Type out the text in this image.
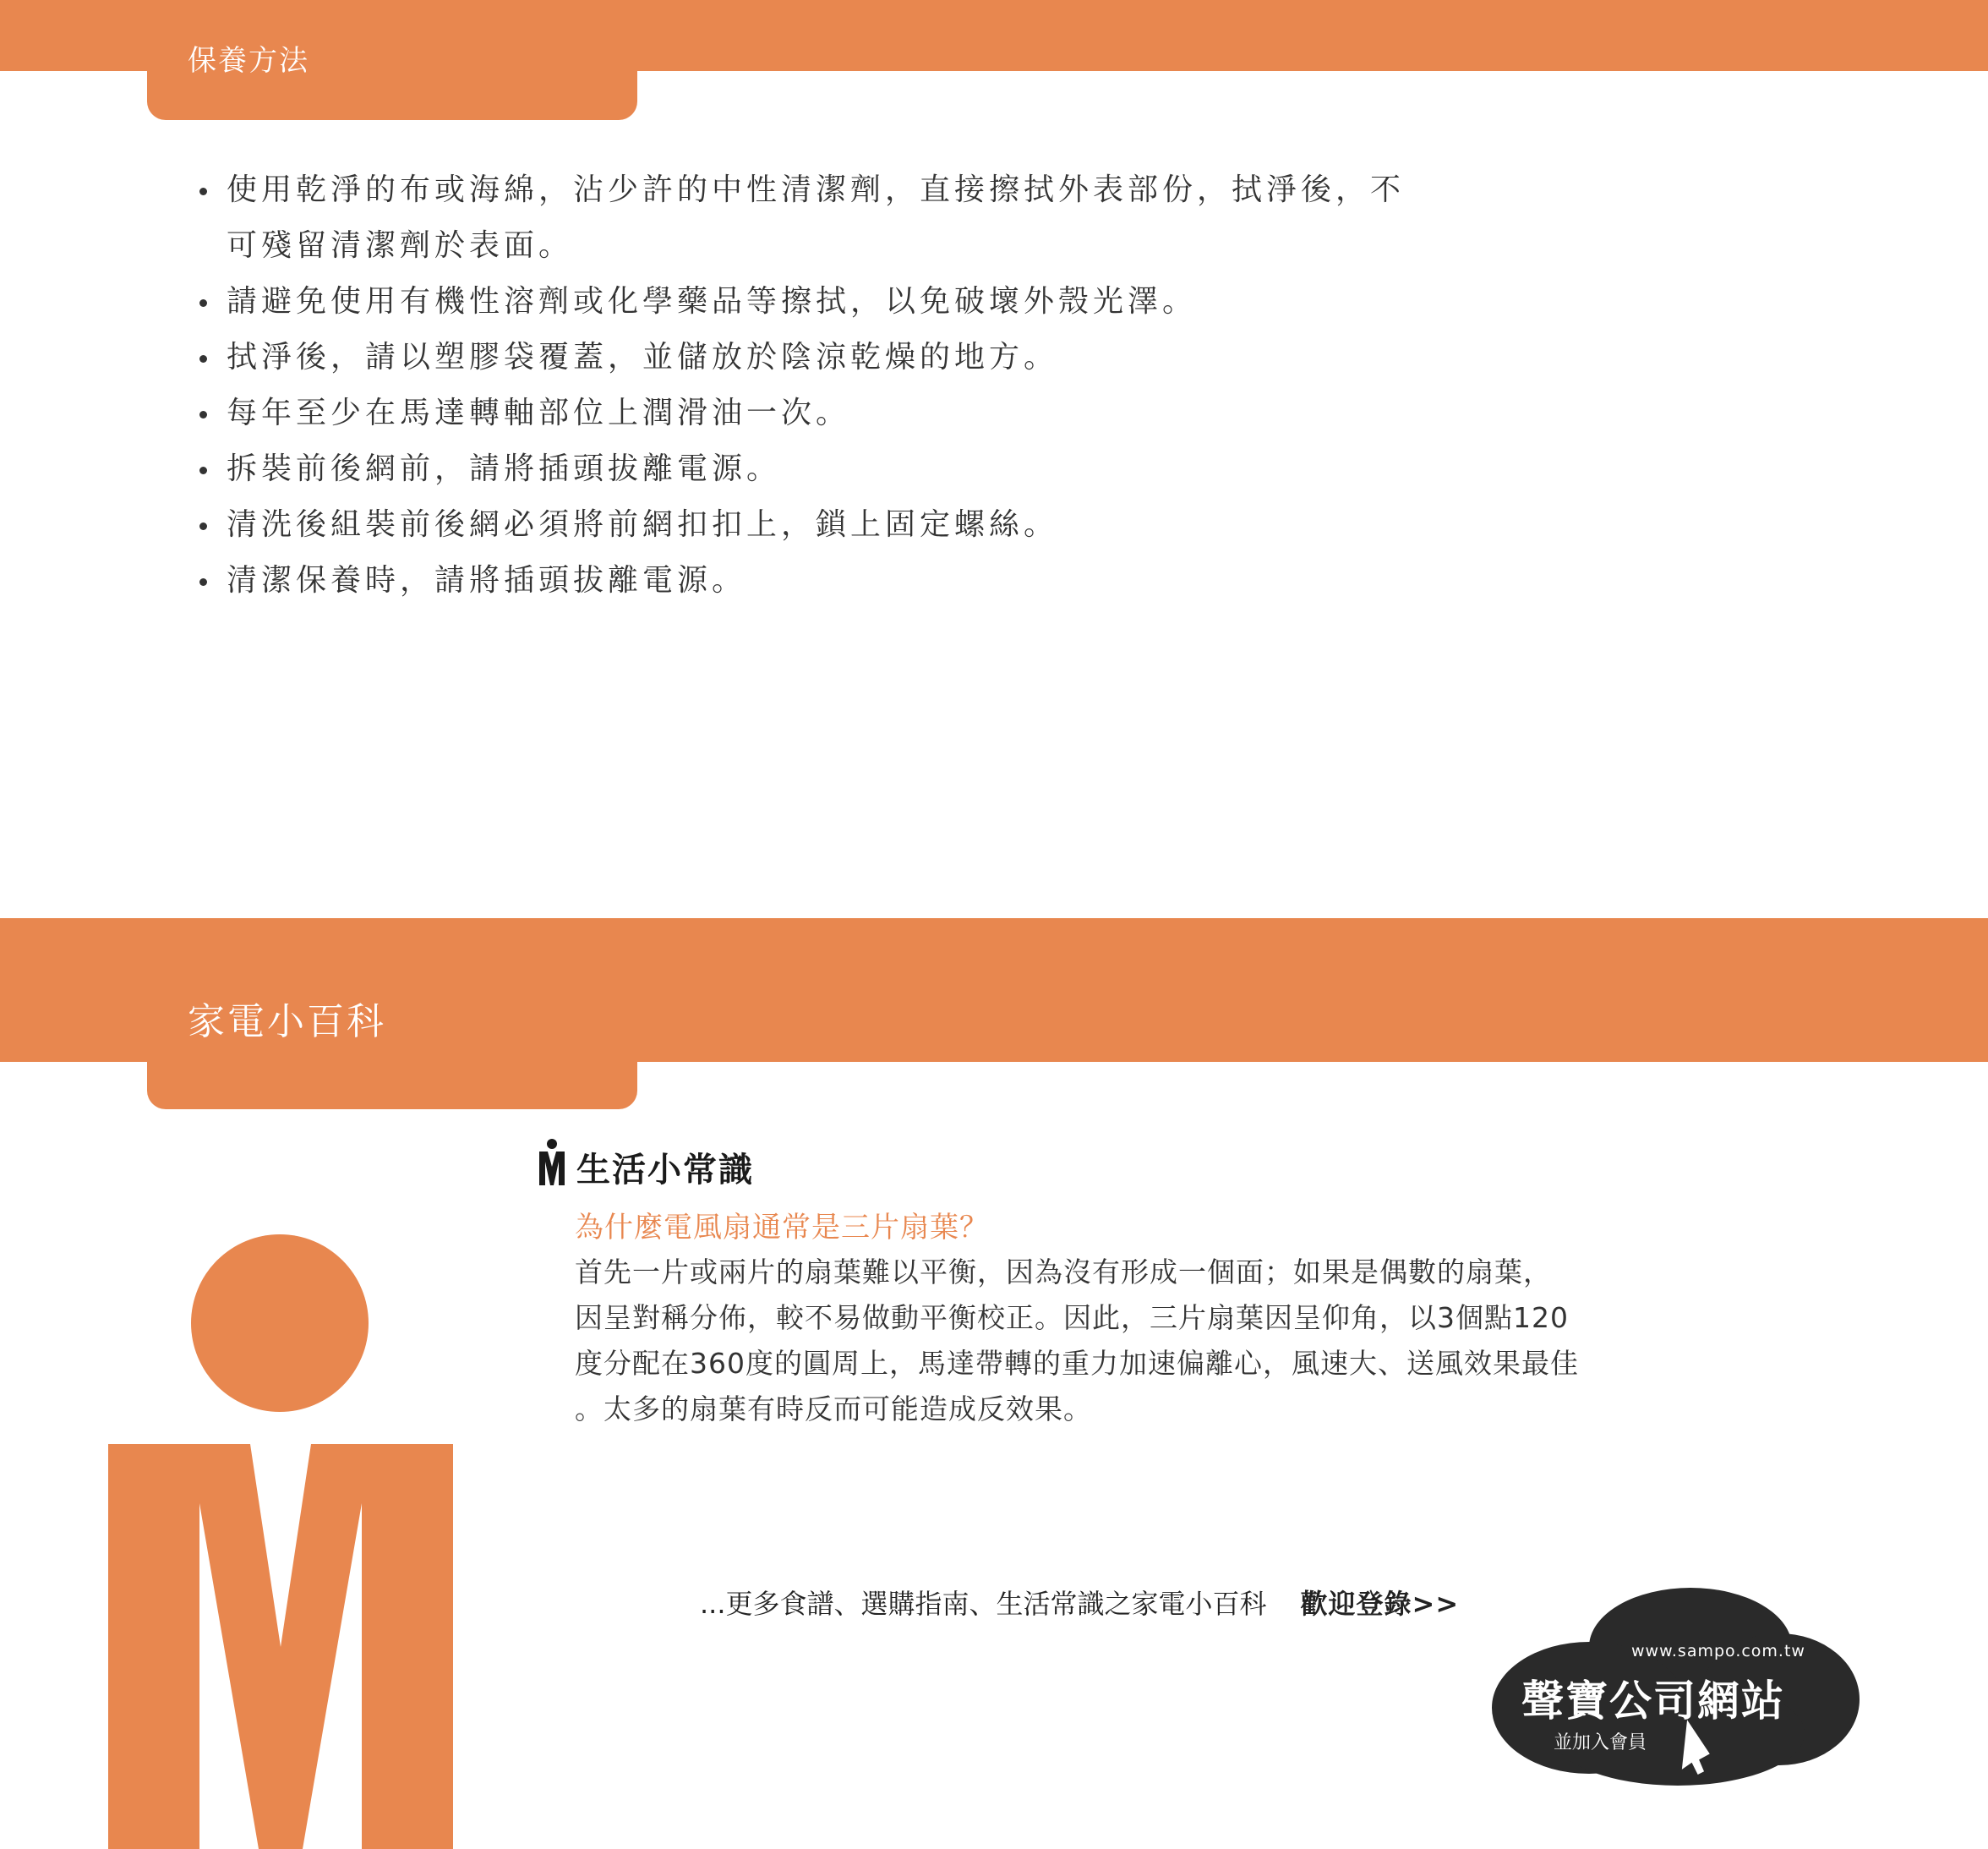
保養方法
使用乾淨的布或海綿，沾少許的中性清潔劑，直接擦拭外表部份，拭淨後，不可殘留清潔劑於表面。
請避免使用有機性溶劑或化學藥品等擦拭，以免破壞外殼光澤。
拭淨後，請以塑膠袋覆蓋，並儲放於陰涼乾燥的地方。
每年至少在馬達轉軸部位上潤滑油一次。
拆裝前後網前，請將插頭拔離電源。
清洗後組裝前後網必須將前網扣扣上，鎖上固定螺絲。
清潔保養時，請將插頭拔離電源。
家電小百科
生活小常識
為什麼電風扇通常是三片扇葉？
首先一片或兩片的扇葉難以平衡，因為沒有形成一個面；如果是偶數的扇葉，
因呈對稱分佈，較不易做動平衡校正。因此，三片扇葉因呈仰角，以3個點120
度分配在360度的圓周上，馬達帶轉的重力加速偏離心，風速大、送風效果最佳
。太多的扇葉有時反而可能造成反效果。
...更多食譜、選購指南、生活常識之家電小百科 歡迎登錄>>
www.sampo.com.tw
聲寶公司網站
並加入會員
